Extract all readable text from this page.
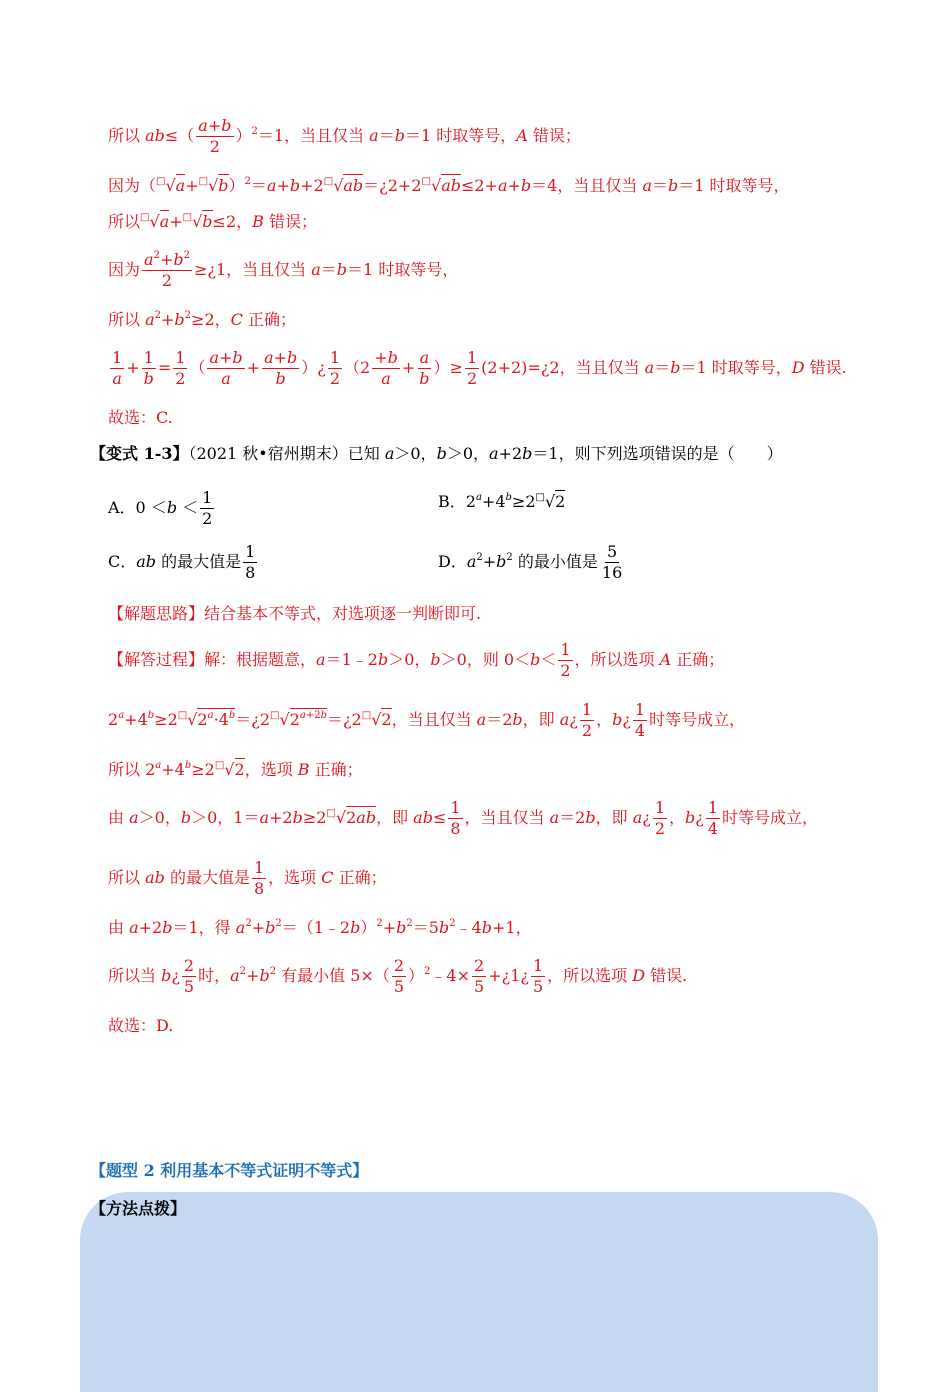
所以 $ab\le( \frac{a+b}{2} )^2=1$，当且仅当 a＝b＝1 时取等号，A 错误；
因为$(^□√a+^□√b)^2=a+b+2^□√ab=¿2+2^□√ab\le 2+a+b=4$，当且仅当 a＝b＝1 时取等号，
所以□√a+□√b≤2，B 错误；
因为 $\frac{a^2+b^2}{2}$ ≥¿1，当且仅当 a＝b＝1 时取等号，
所以 $a^2+b^2\ge 2$，C 正确；
$\frac{1}{a} + \frac{1}{b} = \frac{1}{2}$ （ $\frac{a+b}{a} + \frac{a+b}{b}$ ）¿ $\frac{1}{2} (2 \frac{+b}{a} + \frac{a}{b}$ ）≥ $\frac{1}{2}$ (2+2)=¿2，当且仅当 a＝b＝1 时取等号，D 错误.
故选：C.
【变式 1-3】（2021 秋•宿州期末）已知 a＞0，b＞0，a+2b＝1，则下列选项错误的是（　　）
A．$0 <b < \frac{1}{2}$	B．$2^a+4^b\ge 2^□√2$
C．ab 的最大值是 $\frac{1}{8}$	D．$a^2+b^2$ 的最小值是 $\frac{5}{16}$
【解题思路】结合基本不等式，对选项逐一判断即可.
【解答过程】解：根据题意，a＝1﹣2b＞0，b＞0，则 $0<b< \frac{1}{2}$ ，所以选项 A 正确；
$2^a+4^b\ge 2^□√2^a\cdot 4^b=¿2^□√2^{a+2b}=¿2^□√2$，当且仅当 a＝2b，即 a¿ $\frac{1}{2}$ ，b¿ $\frac{1}{4}$ 时等号成立，
所以 $2^a+4^b\ge 2^□√2$，选项 B 正确；
由 a＞0，b＞0，1＝a+2b≥2□√2ab，即 $ab\le \frac{1}{8}$ ，当且仅当 a＝2b，即 a¿ $\frac{1}{2}$ ，b¿ $\frac{1}{4}$ 时等号成立，
所以 ab 的最大值是 $\frac{1}{8}$ ，选项 C 正确；
由 a+2b＝1，得 $a^2+b^2=(1﹣2b)^2+b^2=5b^2﹣4b+1$，
所以当 b¿ $\frac{2}{5}$ 时，$a^2+b^2$ 有最小值 $5\times( \frac{2}{5}$ ）$^2﹣4\times \frac{2}{5}$ +¿1¿ $\frac{1}{5}$ ，所以选项 D 错误.
故选：D.
【题型 2 利用基本不等式证明不等式】
【方法点拨】
